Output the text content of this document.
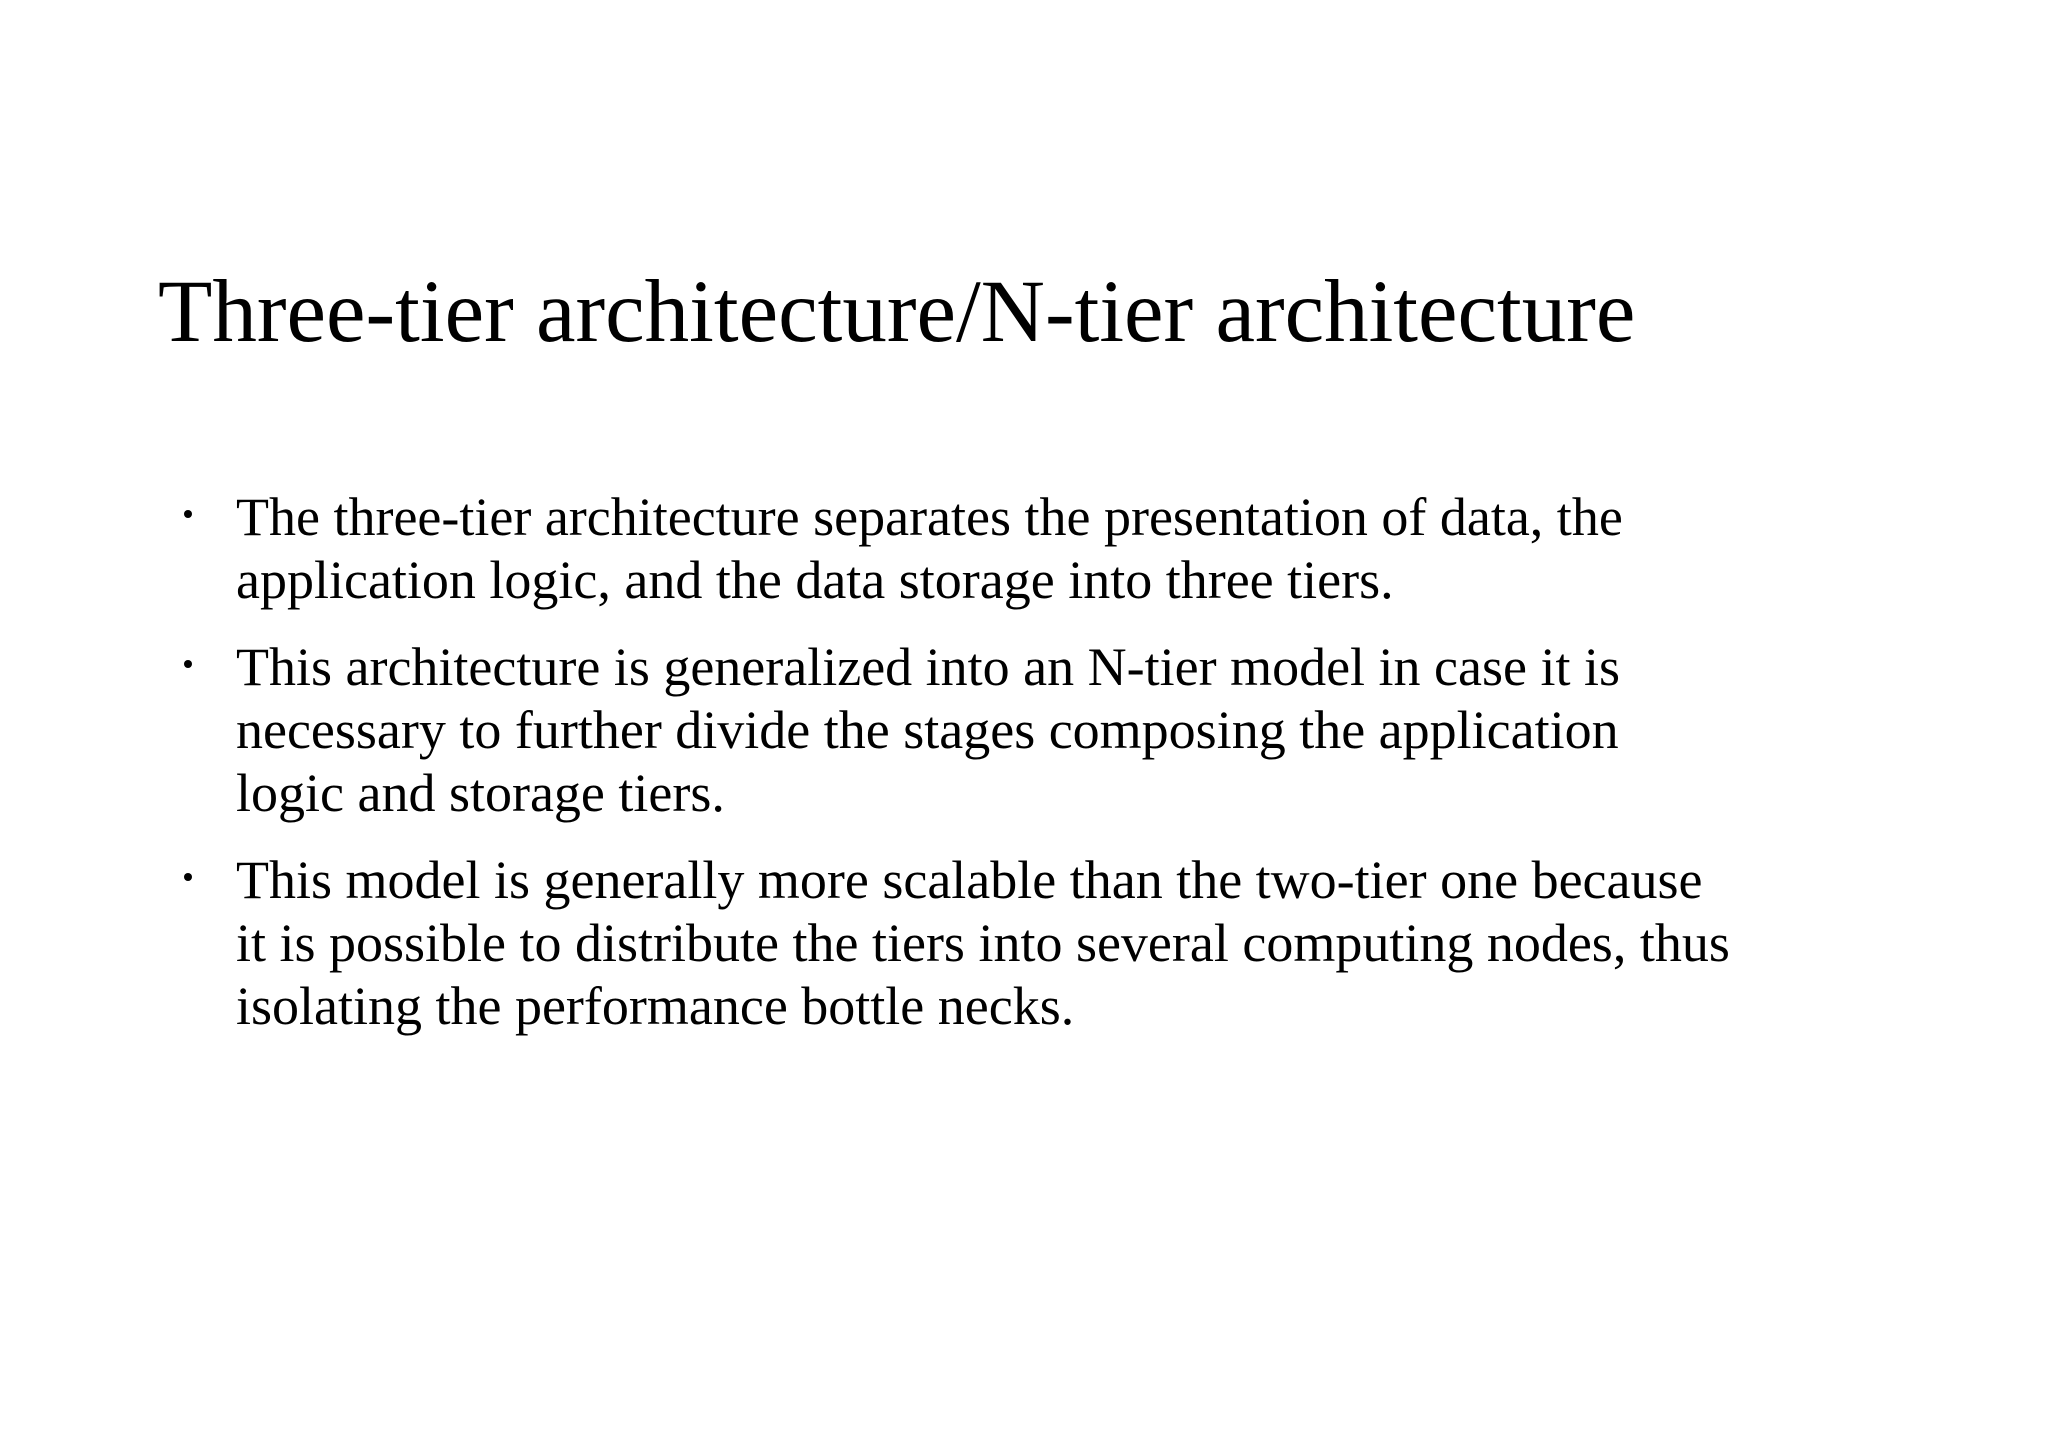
Three-tier architecture/N-tier architecture
The three-tier architecture separates the presentation of data, the
application logic, and the data storage into three tiers.
This architecture is generalized into an N-tier model in case it is
necessary to further divide the stages composing the application
logic and storage tiers.
This model is generally more scalable than the two-tier one because
it is possible to distribute the tiers into several computing nodes, thus
isolating the performance bottle necks.
